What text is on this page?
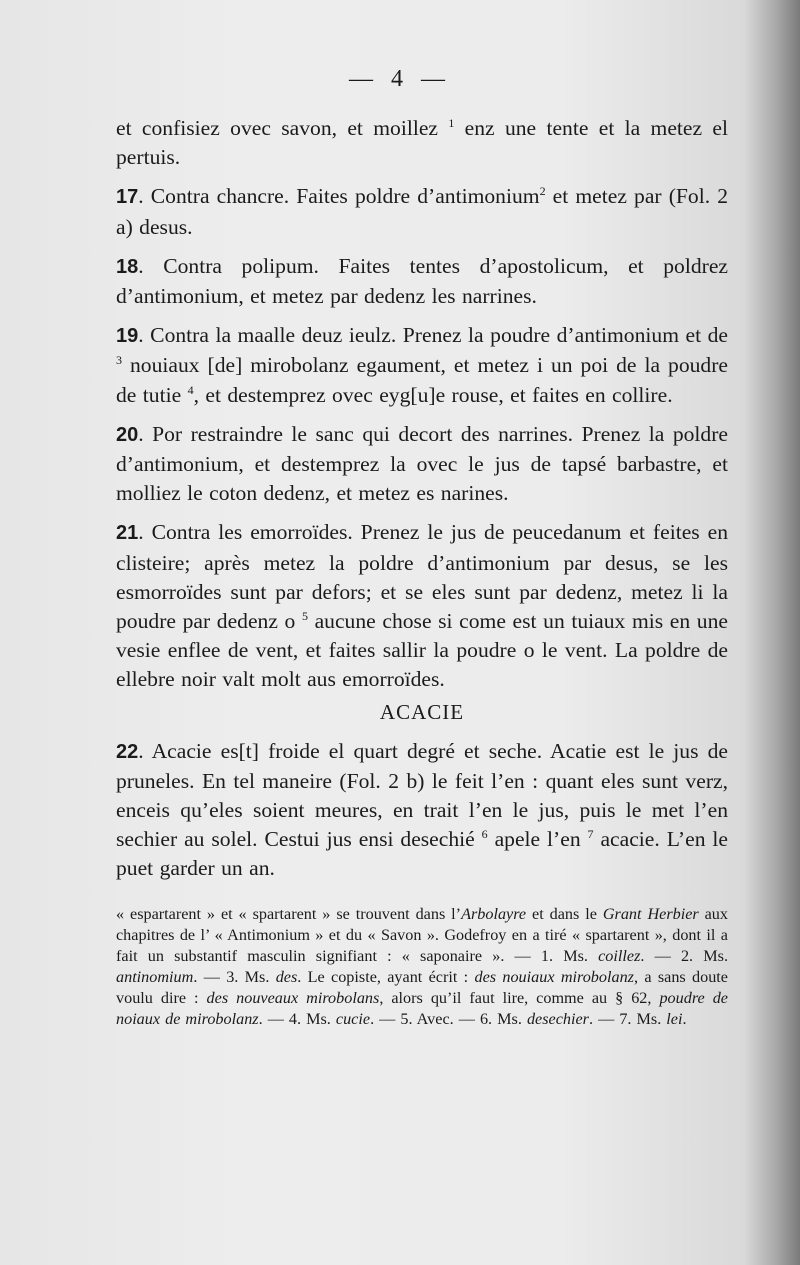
— 4 —

et confisiez ovec savon, et moillez $^1$ enz une tente et la metez el pertuis.

17. Contra chancre. Faites poldre d’antimonium$^2$ et metez par (Fol. 2 a) desus.

18. Contra polipum. Faites tentes d’apostolicum, et poldrez d’antimonium, et metez par dedenz les narrines.

19. Contra la maalle deuz ieulz. Prenez la poudre d’antimonium et de $^3$ nouiaux [de] mirobolanz egaument, et metez i un poi de la poudre de tutie $^4$, et destemprez ovec eyg[u]e rouse, et faites en collire.

20. Por restraindre le sanc qui decort des narrines. Prenez la poldre d’antimonium, et destemprez la ovec le jus de tapsé barbastre, et molliez le coton dedenz, et metez es narines.

21. Contra les emorroïdes. Prenez le jus de peucedanum et feites en clisteire; après metez la poldre d’antimonium par desus, se les esmorroïdes sunt par defors; et se eles sunt par dedenz, metez li la poudre par dedenz o $^5$ aucune chose si come est un tuiaux mis en une vesie enflee de vent, et faites sallir la poudre o le vent. La poldre de ellebre noir valt molt aus emorroïdes.

ACACIE

22. Acacie es[t] froide el quart degré et seche. Acatie est le jus de pruneles. En tel maneire (Fol. 2 b) le feit l’en : quant eles sunt verz, enceis qu’eles soient meures, en trait l’en le jus, puis le met l’en sechier au solel. Cestui jus ensi desechié $^6$ apele l’en $^7$ acacie. L’en le puet garder un an.

« espartarent » et « spartarent » se trouvent dans l’Arbolayre et dans le Grant Herbier aux chapitres de l’ « Antimonium » et du « Savon ». Godefroy en a tiré « spartarent », dont il a fait un substantif masculin signifiant : « saponaire ». — 1. Ms. coillez. — 2. Ms. antinomium. — 3. Ms. des. Le copiste, ayant écrit : des nouiaux mirobolanz, a sans doute voulu dire : des nouveaux mirobolans, alors qu’il faut lire, comme au § 62, poudre de noiaux de mirobolanz. — 4. Ms. cucie. — 5. Avec. — 6. Ms. desechier. — 7. Ms. lei.
